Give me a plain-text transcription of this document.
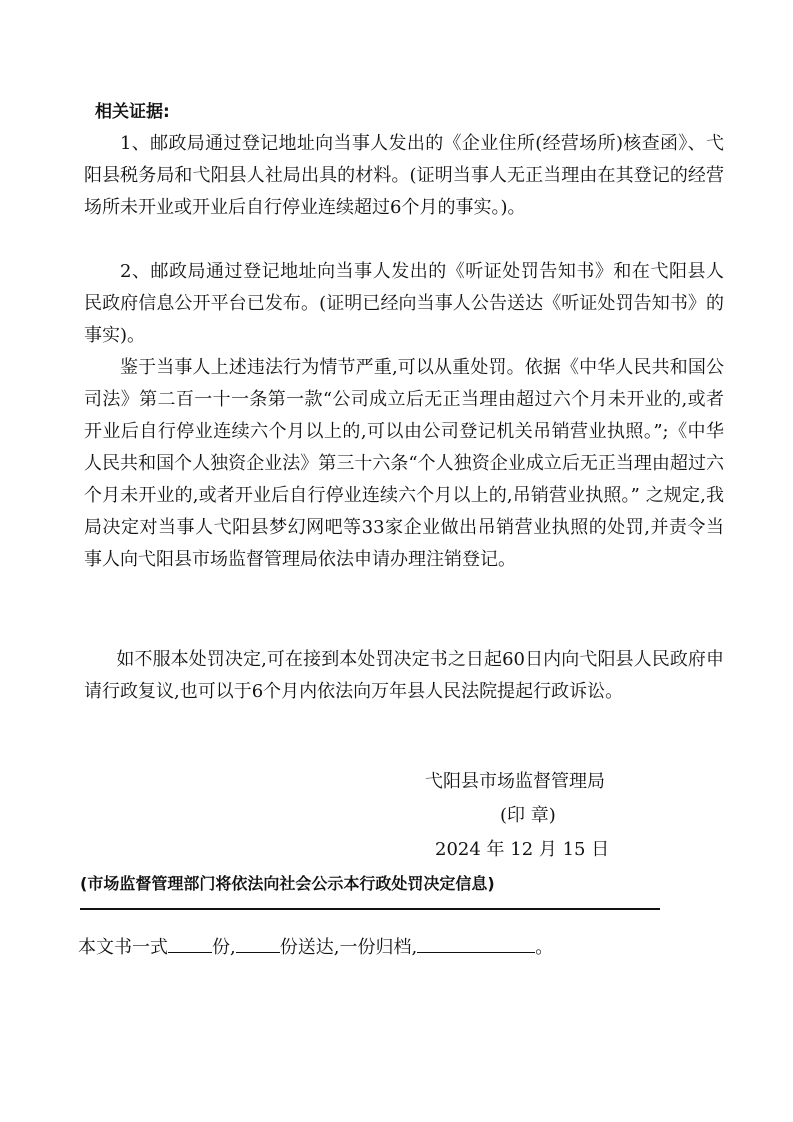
相关证据:

1、邮政局通过登记地址向当事人发出的《企业住所(经营场所)核查函》、弋阳县税务局和弋阳县人社局出具的材料。(证明当事人无正当理由在其登记的经营场所未开业或开业后自行停业连续超过6个月的事实。)。

2、邮政局通过登记地址向当事人发出的《听证处罚告知书》和在弋阳县人民政府信息公开平台已发布。(证明已经向当事人公告送达《听证处罚告知书》的事实)。

鉴于当事人上述违法行为情节严重,可以从重处罚。依据《中华人民共和国公司法》第二百一十一条第一款“公司成立后无正当理由超过六个月未开业的,或者开业后自行停业连续六个月以上的,可以由公司登记机关吊销营业执照。”;《中华人民共和国个人独资企业法》第三十六条“个人独资企业成立后无正当理由超过六个月未开业的,或者开业后自行停业连续六个月以上的,吊销营业执照。” 之规定,我局决定对当事人弋阳县梦幻网吧等33家企业做出吊销营业执照的处罚,并责令当事人向弋阳县市场监督管理局依法申请办理注销登记。

如不服本处罚决定,可在接到本处罚决定书之日起60日内向弋阳县人民政府申请行政复议,也可以于6个月内依法向万年县人民法院提起行政诉讼。

弋阳县市场监督管理局

(印 章)

2024 年 12 月 15 日

(市场监督管理部门将依法向社会公示本行政处罚决定信息)

本文书一式 份, 份送达,一份归档,	。
